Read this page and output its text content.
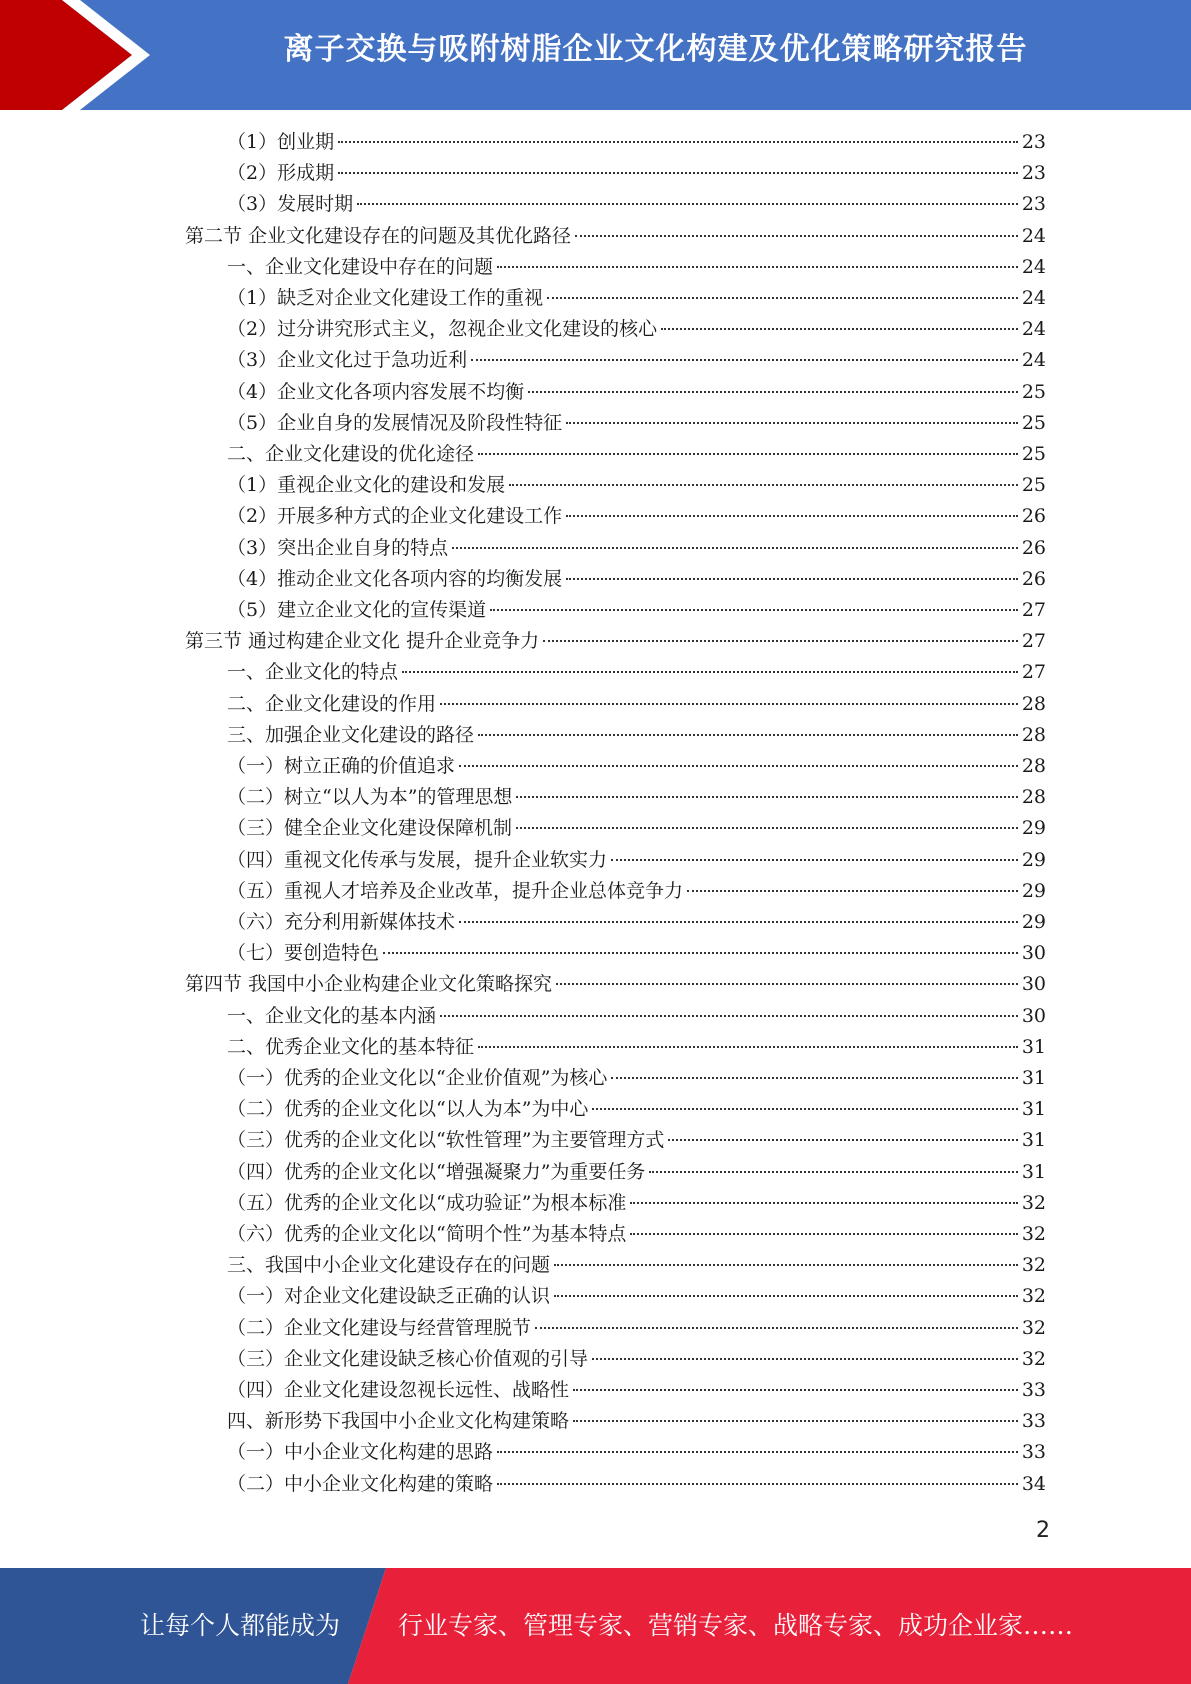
离子交换与吸附树脂企业文化构建及优化策略研究报告
（1）创业期	23
（2）形成期	23
（3）发展时期	23
第二节 企业文化建设存在的问题及其优化路径	24
一、企业文化建设中存在的问题	24
（1）缺乏对企业文化建设工作的重视	24
（2）过分讲究形式主义，忽视企业文化建设的核心	24
（3）企业文化过于急功近利	24
（4）企业文化各项内容发展不均衡	25
（5）企业自身的发展情况及阶段性特征	25
二、企业文化建设的优化途径	25
（1）重视企业文化的建设和发展	25
（2）开展多种方式的企业文化建设工作	26
（3）突出企业自身的特点	26
（4）推动企业文化各项内容的均衡发展	26
（5）建立企业文化的宣传渠道	27
第三节 通过构建企业文化 提升企业竞争力	27
一、企业文化的特点	27
二、企业文化建设的作用	28
三、加强企业文化建设的路径	28
（一）树立正确的价值追求	28
（二）树立“以人为本”的管理思想	28
（三）健全企业文化建设保障机制	29
（四）重视文化传承与发展，提升企业软实力	29
（五）重视人才培养及企业改革，提升企业总体竞争力	29
（六）充分利用新媒体技术	29
（七）要创造特色	30
第四节 我国中小企业构建企业文化策略探究	30
一、企业文化的基本内涵	30
二、优秀企业文化的基本特征	31
（一）优秀的企业文化以“企业价值观”为核心	31
（二）优秀的企业文化以“以人为本”为中心	31
（三）优秀的企业文化以“软性管理”为主要管理方式	31
（四）优秀的企业文化以“增强凝聚力”为重要任务	31
（五）优秀的企业文化以“成功验证”为根本标准	32
（六）优秀的企业文化以“简明个性”为基本特点	32
三、我国中小企业文化建设存在的问题	32
（一）对企业文化建设缺乏正确的认识	32
（二）企业文化建设与经营管理脱节	32
（三）企业文化建设缺乏核心价值观的引导	32
（四）企业文化建设忽视长远性、战略性	33
四、新形势下我国中小企业文化构建策略	33
（一）中小企业文化构建的思路	33
（二）中小企业文化构建的策略	34
2
让每个人都能成为 行业专家、管理专家、营销专家、战略专家、成功企业家……
